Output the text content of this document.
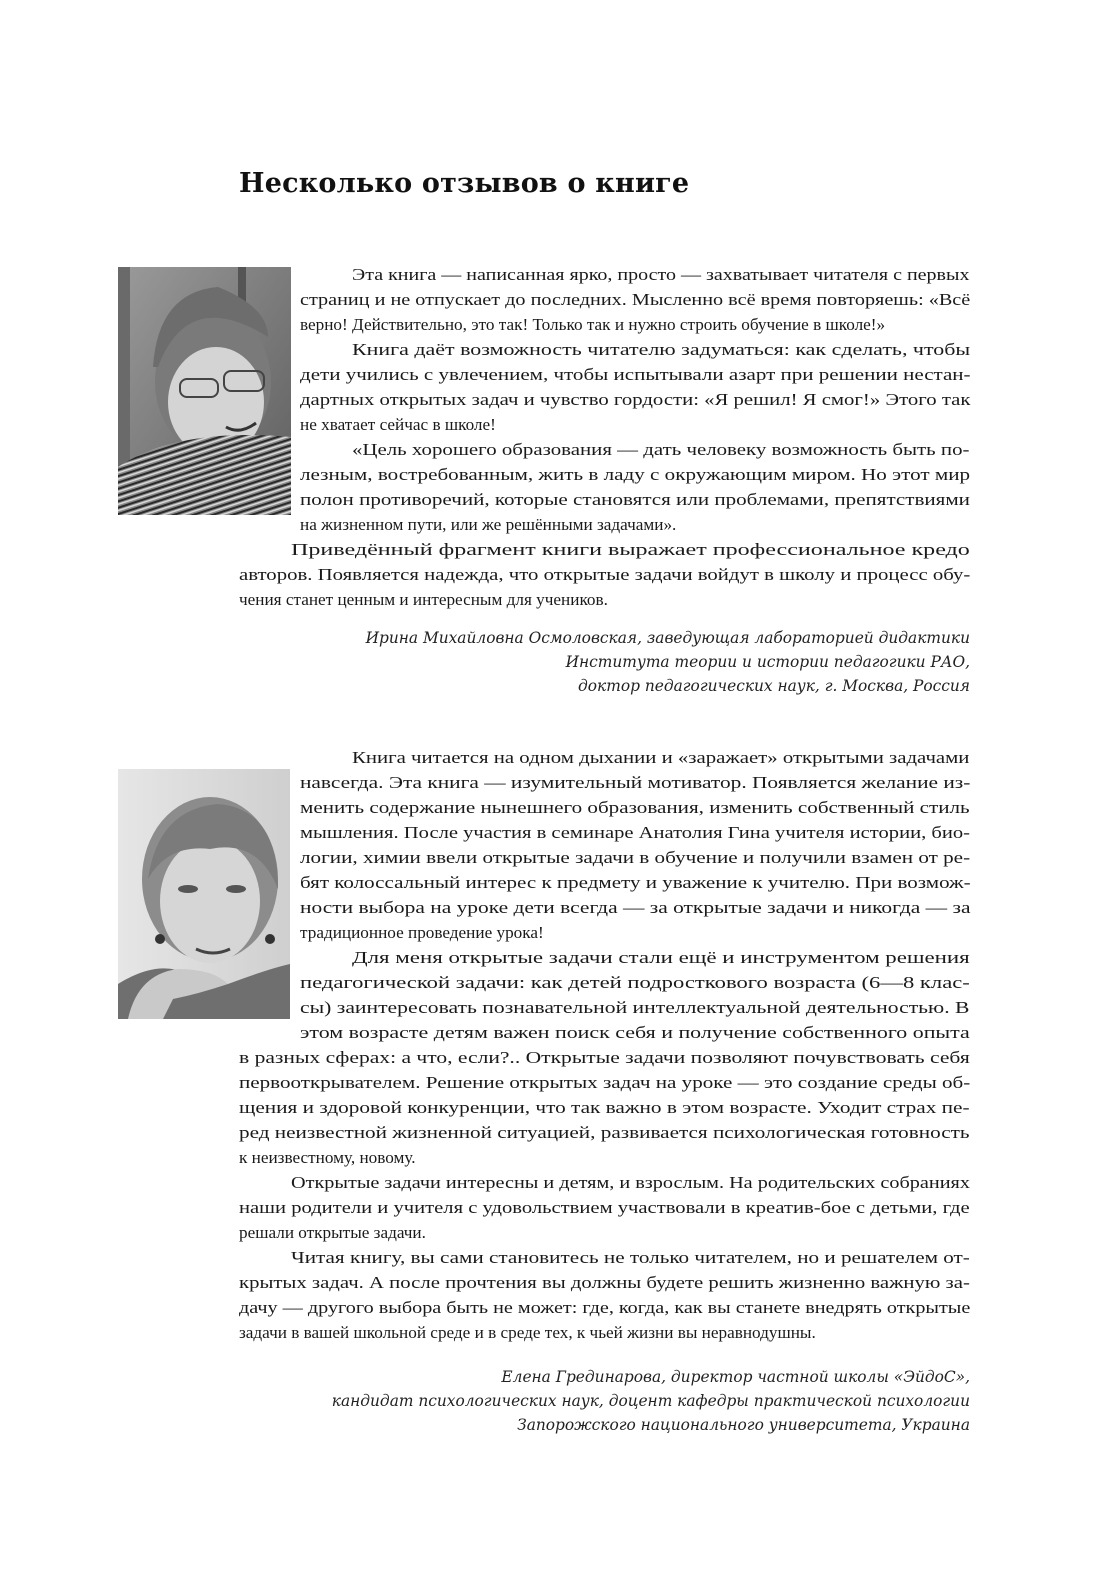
Несколько отзывов о книге
Эта книга — написанная ярко, просто — захватывает читателя с первых
страниц и не отпускает до последних. Мысленно всё время повторяешь: «Всё
верно! Действительно, это так! Только так и нужно строить обучение в школе!»
Книга даёт возможность читателю задуматься: как сделать, чтобы
дети учились с увлечением, чтобы испытывали азарт при решении нестан-
дартных открытых задач и чувство гордости: «Я решил! Я смог!» Этого так
не хватает сейчас в школе!
«Цель хорошего образования — дать человеку возможность быть по-
лезным, востребованным, жить в ладу с окружающим миром. Но этот мир
полон противоречий, которые становятся или проблемами, препятствиями
на жизненном пути, или же решёнными задачами».
Приведённый фрагмент книги выражает профессиональное кредо
авторов. Появляется надежда, что открытые задачи войдут в школу и процесс обу-
чения станет ценным и интересным для учеников.
Ирина Михайловна Осмоловская, заведующая лабораторией дидактики
Института теории и истории педагогики РАО,
доктор педагогических наук, г. Москва, Россия
Книга читается на одном дыхании и «заражает» открытыми задачами
навсегда. Эта книга — изумительный мотиватор. Появляется желание из-
менить содержание нынешнего образования, изменить собственный стиль
мышления. После участия в семинаре Анатолия Гина учителя истории, био-
логии, химии ввели открытые задачи в обучение и получили взамен от ре-
бят колоссальный интерес к предмету и уважение к учителю. При возмож-
ности выбора на уроке дети всегда — за открытые задачи и никогда — за
традиционное проведение урока!
Для меня открытые задачи стали ещё и инструментом решения
педагогической задачи: как детей подросткового возраста (6—8 клас-
сы) заинтересовать познавательной интеллектуальной деятельностью. В
этом возрасте детям важен поиск себя и получение собственного опыта
в разных сферах: а что, если?.. Открытые задачи позволяют почувствовать себя
первооткрывателем. Решение открытых задач на уроке — это создание среды об-
щения и здоровой конкуренции, что так важно в этом возрасте. Уходит страх пе-
ред неизвестной жизненной ситуацией, развивается психологическая готовность
к неизвестному, новому.
Открытые задачи интересны и детям, и взрослым. На родительских собраниях
наши родители и учителя с удовольствием участвовали в креатив-бое с детьми, где
решали открытые задачи.
Читая книгу, вы сами становитесь не только читателем, но и решателем от-
крытых задач. А после прочтения вы должны будете решить жизненно важную за-
дачу — другого выбора быть не может: где, когда, как вы станете внедрять открытые
задачи в вашей школьной среде и в среде тех, к чьей жизни вы неравнодушны.
Елена Грединарова, директор частной школы «ЭйдоС»,
кандидат психологических наук, доцент кафедры практической психологии
Запорожского национального университета, Украина
